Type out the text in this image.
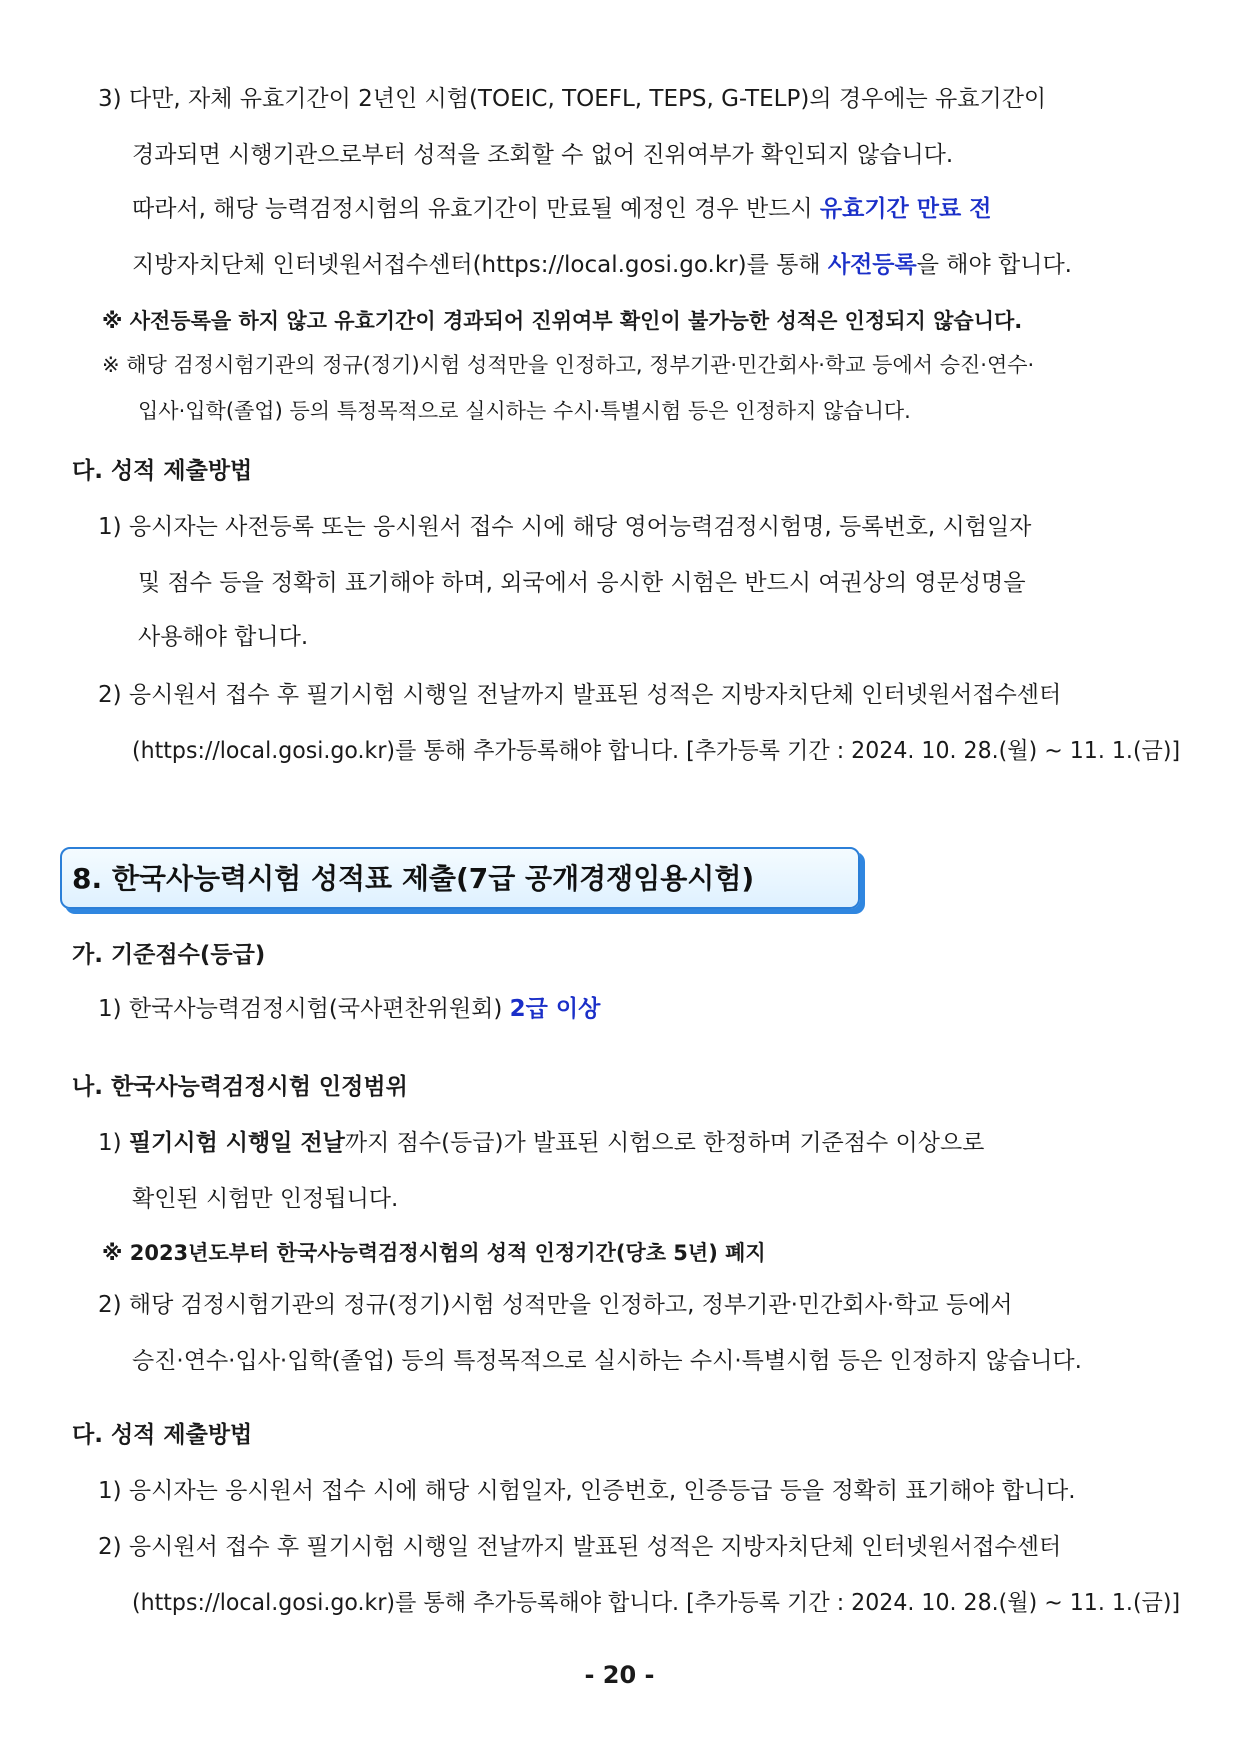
3) 다만, 자체 유효기간이 2년인 시험(TOEIC, TOEFL, TEPS, G-TELP)의 경우에는 유효기간이
경과되면 시행기관으로부터 성적을 조회할 수 없어 진위여부가 확인되지 않습니다.
따라서, 해당 능력검정시험의 유효기간이 만료될 예정인 경우 반드시 유효기간 만료 전
지방자치단체 인터넷원서접수센터(https://local.gosi.go.kr)를 통해 사전등록을 해야 합니다.
※ 사전등록을 하지 않고 유효기간이 경과되어 진위여부 확인이 불가능한 성적은 인정되지 않습니다.
※ 해당 검정시험기관의 정규(정기)시험 성적만을 인정하고, 정부기관·민간회사·학교 등에서 승진·연수·
입사·입학(졸업) 등의 특정목적으로 실시하는 수시·특별시험 등은 인정하지 않습니다.
다. 성적 제출방법
1) 응시자는 사전등록 또는 응시원서 접수 시에 해당 영어능력검정시험명, 등록번호, 시험일자
및 점수 등을 정확히 표기해야 하며, 외국에서 응시한 시험은 반드시 여권상의 영문성명을
사용해야 합니다.
2) 응시원서 접수 후 필기시험 시행일 전날까지 발표된 성적은 지방자치단체 인터넷원서접수센터
(https://local.gosi.go.kr)를 통해 추가등록해야 합니다. [추가등록 기간 : 2024. 10. 28.(월) ~ 11. 1.(금)]
8. 한국사능력시험 성적표 제출(7급 공개경쟁임용시험)
가. 기준점수(등급)
1) 한국사능력검정시험(국사편찬위원회) 2급 이상
나. 한국사능력검정시험 인정범위
1) 필기시험 시행일 전날까지 점수(등급)가 발표된 시험으로 한정하며 기준점수 이상으로
확인된 시험만 인정됩니다.
※ 2023년도부터 한국사능력검정시험의 성적 인정기간(당초 5년) 폐지
2) 해당 검정시험기관의 정규(정기)시험 성적만을 인정하고, 정부기관·민간회사·학교 등에서
승진·연수·입사·입학(졸업) 등의 특정목적으로 실시하는 수시·특별시험 등은 인정하지 않습니다.
다. 성적 제출방법
1) 응시자는 응시원서 접수 시에 해당 시험일자, 인증번호, 인증등급 등을 정확히 표기해야 합니다.
2) 응시원서 접수 후 필기시험 시행일 전날까지 발표된 성적은 지방자치단체 인터넷원서접수센터
(https://local.gosi.go.kr)를 통해 추가등록해야 합니다. [추가등록 기간 : 2024. 10. 28.(월) ~ 11. 1.(금)]
- 20 -
